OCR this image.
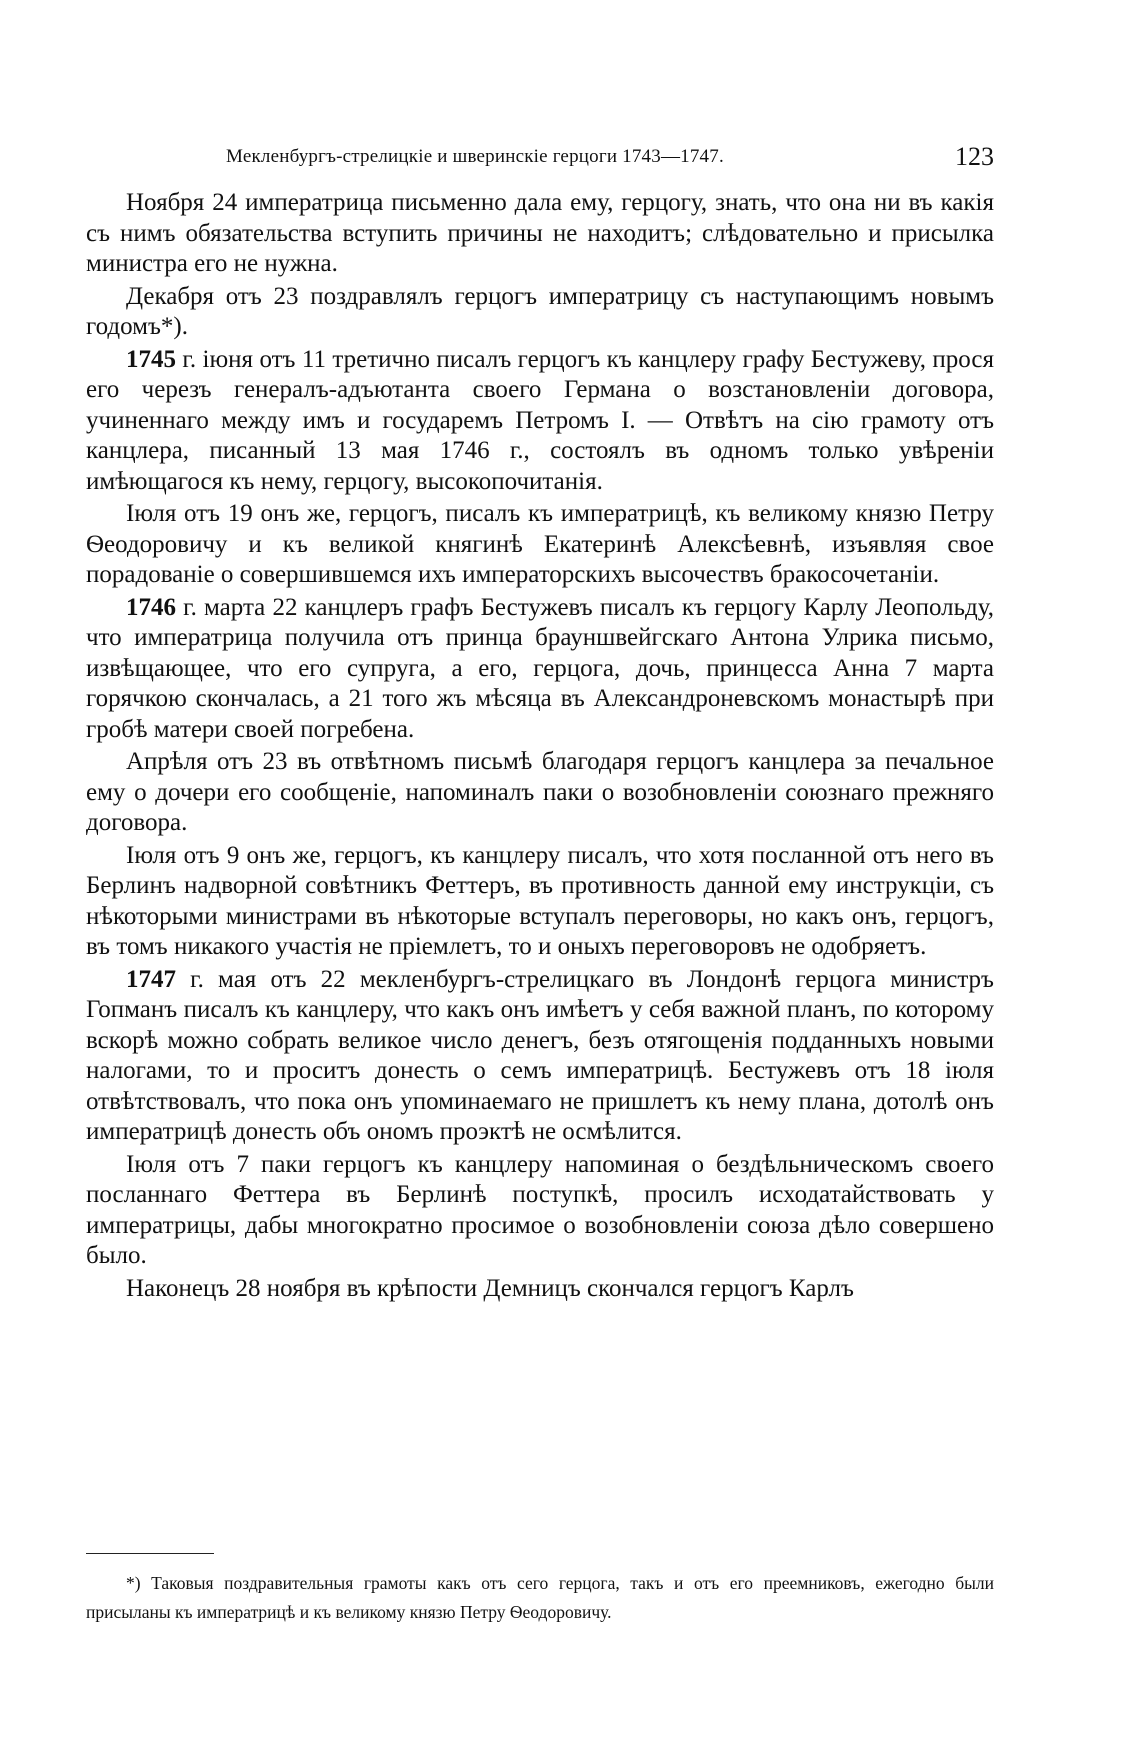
Мекленбургъ-стрелицкіе и шверинскіе герцоги 1743—1747.	123

Ноября 24 императрица письменно дала ему, герцогу, знать, что она ни въ какія съ нимъ обязательства вступить причины не находитъ; слѣдовательно и присылка министра его не нужна.

Декабря отъ 23 поздравлялъ герцогъ императрицу съ наступающимъ новымъ годомъ*).

1745 г. іюня отъ 11 третично писалъ герцогъ къ канцлеру графу Бестужеву, прося его черезъ генералъ-адъютанта своего Германа о возстановленіи договора, учиненнаго между имъ и государемъ Петромъ I. — Отвѣтъ на сію грамоту отъ канцлера, писанный 13 мая 1746 г., состоялъ въ одномъ только увѣреніи имѣющагося къ нему, герцогу, высокопочитанія.

Іюля отъ 19 онъ же, герцогъ, писалъ къ императрицѣ, къ великому князю Петру Ѳеодоровичу и къ великой княгинѣ Екатеринѣ Алексѣевнѣ, изъявляя свое порадованіе о совершившемся ихъ императорскихъ высочествъ бракосочетаніи.

1746 г. марта 22 канцлеръ графъ Бестужевъ писалъ къ герцогу Карлу Леопольду, что императрица получила отъ принца брауншвейгскаго Антона Улрика письмо, извѣщающее, что его супруга, а его, герцога, дочь, принцесса Анна 7 марта горячкою скончалась, а 21 того жъ мѣсяца въ Александроневскомъ монастырѣ при гробѣ матери своей погребена.

Апрѣля отъ 23 въ отвѣтномъ письмѣ благодаря герцогъ канцлера за печальное ему о дочери его сообщеніе, напоминалъ паки о возобновленіи союзнаго прежняго договора.

Іюля отъ 9 онъ же, герцогъ, къ канцлеру писалъ, что хотя посланной отъ него въ Берлинъ надворной совѣтникъ Феттеръ, въ противность данной ему инструкціи, съ нѣкоторыми министрами въ нѣкоторые вступалъ переговоры, но какъ онъ, герцогъ, въ томъ никакого участія не пріемлетъ, то и оныхъ переговоровъ не одобряетъ.

1747 г. мая отъ 22 мекленбургъ-стрелицкаго въ Лондонѣ герцога министръ Гопманъ писалъ къ канцлеру, что какъ онъ имѣетъ у себя важной планъ, по которому вскорѣ можно собрать великое число денегъ, безъ отягощенія подданныхъ новыми налогами, то и проситъ донесть о семъ императрицѣ. Бестужевъ отъ 18 іюля отвѣтствовалъ, что пока онъ упоминаемаго не пришлетъ къ нему плана, дотолѣ онъ императрицѣ донесть объ ономъ проэктѣ не осмѣлится.

Іюля отъ 7 паки герцогъ къ канцлеру напоминая о бездѣльническомъ своего посланнаго Феттера въ Берлинѣ поступкѣ, просилъ исходатайствовать у императрицы, дабы многократно просимое о возобновленіи союза дѣло совершено было.

Наконецъ 28 ноября въ крѣпости Демницъ скончался герцогъ Карлъ

*) Таковыя поздравительныя грамоты какъ отъ сего герцога, такъ и отъ его преемниковъ, ежегодно были присыланы къ императрицѣ и къ великому князю Петру Ѳеодоровичу.
